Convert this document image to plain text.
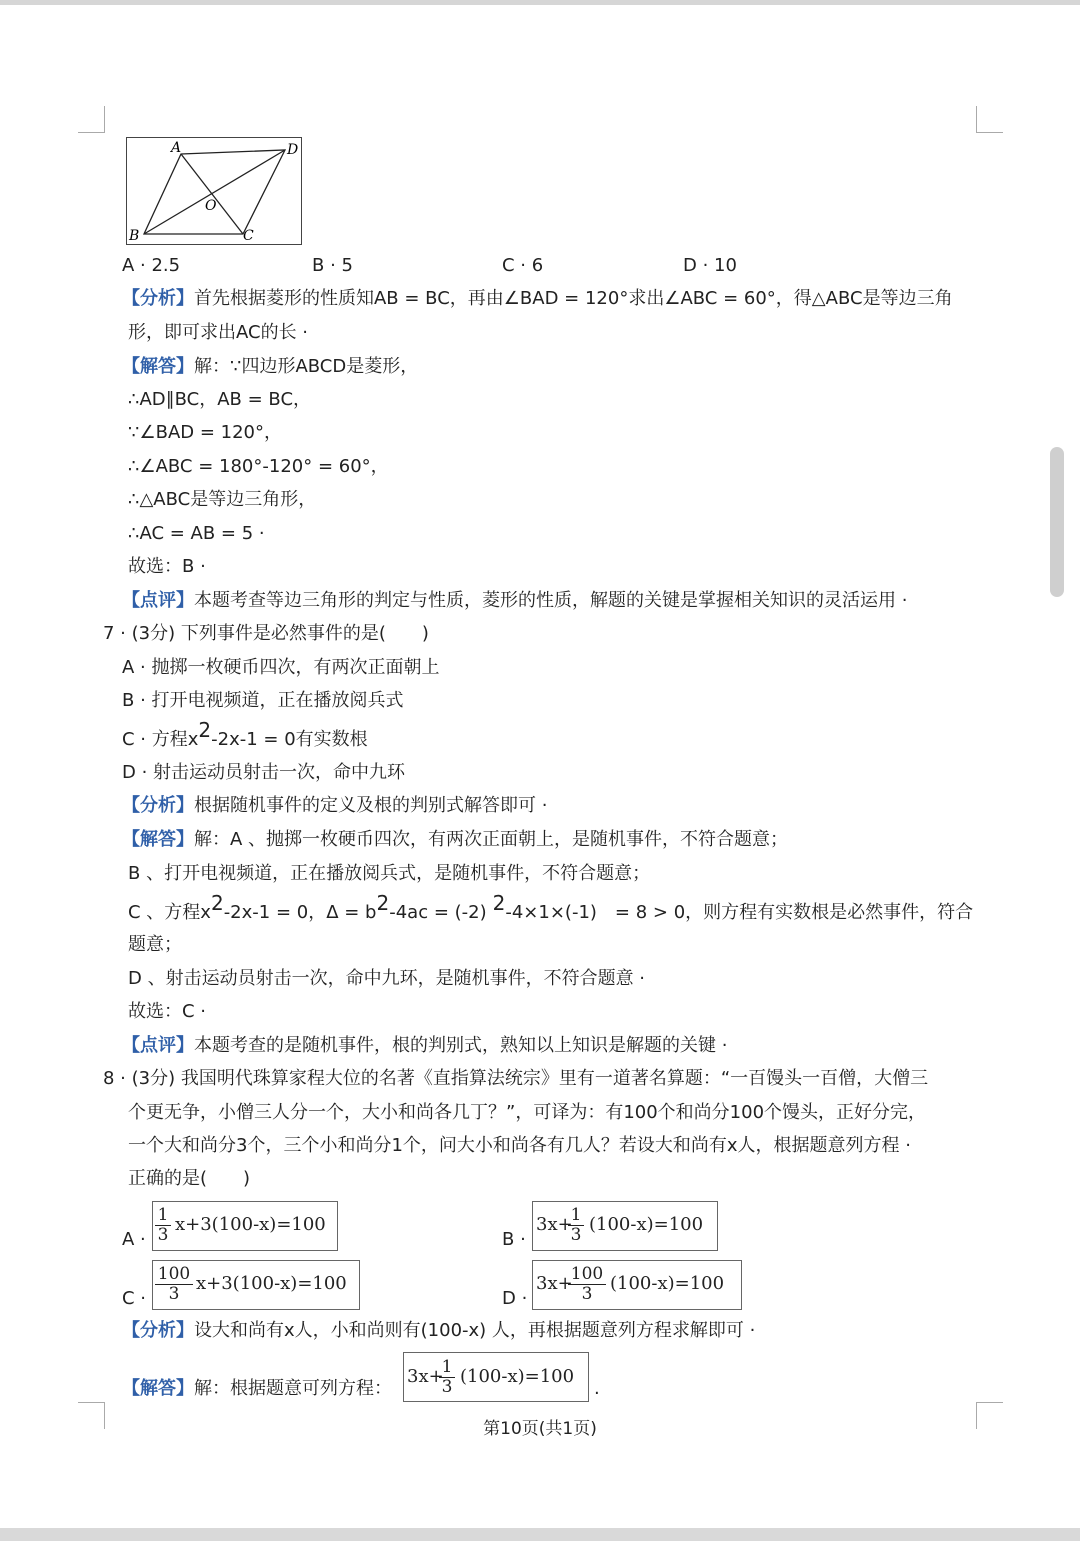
A	D
O
B	C
A · 2.5	B · 5	C · 6	D · 10
【分析】首先根据菱形的性质知AB = BC，再由∠BAD = 120°求出∠ABC = 60°，得△ABC是等边三角
形，即可求出AC的长 ·
【解答】解：∵四边形ABCD是菱形，
∴AD∥BC，AB = BC，
∵∠BAD = 120°，
∴∠ABC = 180°-120° = 60°，
∴△ABC是等边三角形，
∴AC = AB = 5 ·
故选：B ·
【点评】本题考查等边三角形的判定与性质，菱形的性质，解题的关键是掌握相关知识的灵活运用 ·
7 · (3分) 下列事件是必然事件的是(　　)
A · 抛掷一枚硬币四次，有两次正面朝上
B · 打开电视频道，正在播放阅兵式
C · 方程x2-2x-1 = 0有实数根
D · 射击运动员射击一次，命中九环
【分析】根据随机事件的定义及根的判别式解答即可 ·
【解答】解：A 、抛掷一枚硬币四次，有两次正面朝上，是随机事件，不符合题意；
B 、打开电视频道，正在播放阅兵式，是随机事件，不符合题意；
C 、方程x2-2x-1 = 0，Δ = b2-4ac = (-2) 2-4×1×(-1)　= 8 > 0，则方程有实数根是必然事件，符合
题意；
D 、射击运动员射击一次，命中九环，是随机事件，不符合题意 ·
故选：C ·
【点评】本题考查的是随机事件，根的判别式，熟知以上知识是解题的关键 ·
8 · (3分) 我国明代珠算家程大位的名著《直指算法统宗》里有一道著名算题：“一百馒头一百僧，大僧三
个更无争，小僧三人分一个，大小和尚各几丁？”，可译为：有100个和尚分100个馒头，正好分完，
一个大和尚分3个，三个小和尚分1个，问大小和尚各有几人？若设大和尚有x人，根据题意列方程 ·
正确的是(　　)
A ·
1
3 x+3(100-x)=100
B ·
3x+
1
3 (100-x)=100
C ·
100
3 x+3(100-x)=100
D ·
3x+
100
3 (100-x)=100
【分析】设大和尚有x人，小和尚则有(100-x) 人，再根据题意列方程求解即可 ·
【解答】解：根据题意可列方程：
3x+
1
3 (100-x)=100
.
第10页(共1页)
